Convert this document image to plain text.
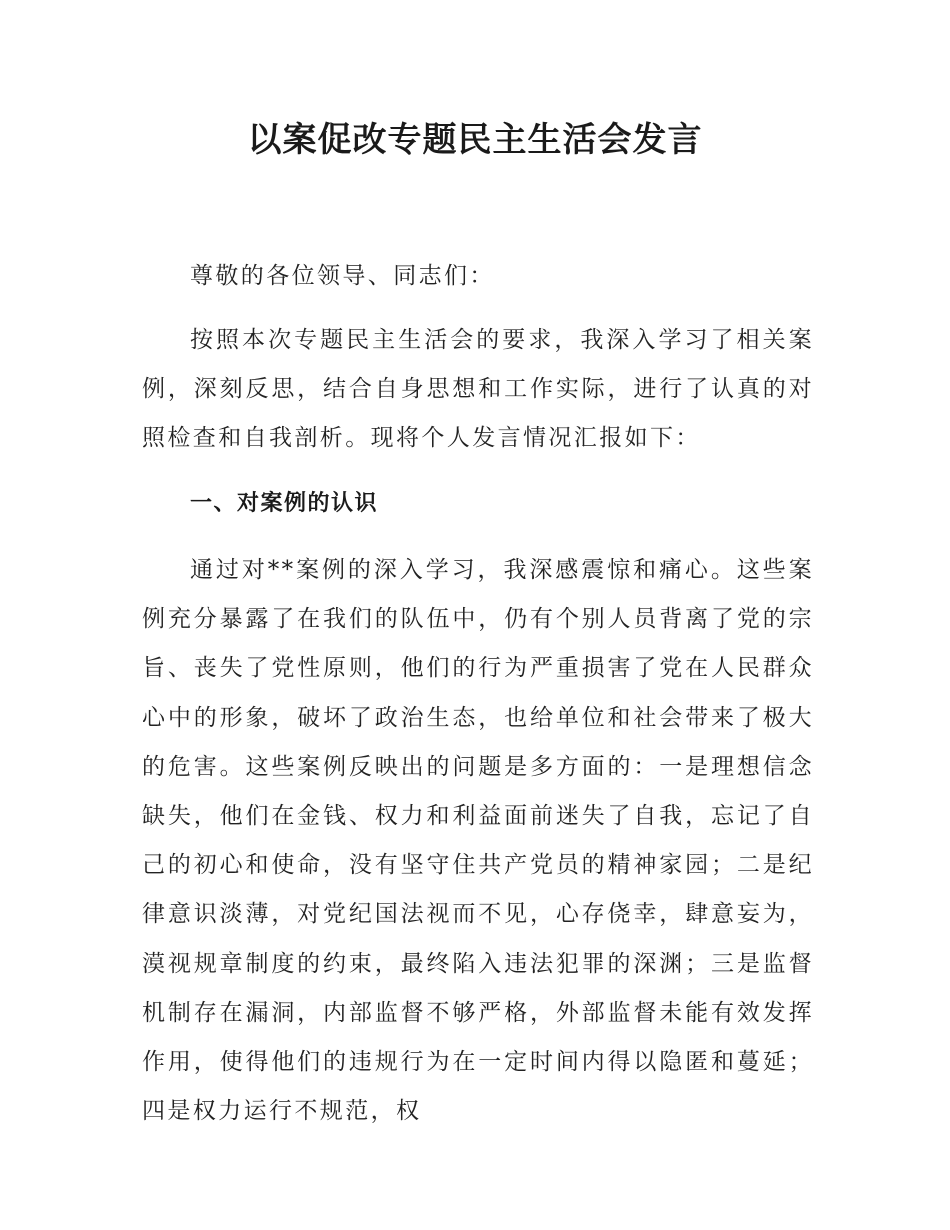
以案促改专题民主生活会发言

尊敬的各位领导、同志们：

按照本次专题民主生活会的要求，我深入学习了相关案例，深刻反思，结合自身思想和工作实际，进行了认真的对照检查和自我剖析。现将个人发言情况汇报如下：

一、对案例的认识

通过对**案例的深入学习，我深感震惊和痛心。这些案例充分暴露了在我们的队伍中，仍有个别人员背离了党的宗旨、丧失了党性原则，他们的行为严重损害了党在人民群众心中的形象，破坏了政治生态，也给单位和社会带来了极大的危害。这些案例反映出的问题是多方面的：一是理想信念缺失，他们在金钱、权力和利益面前迷失了自我，忘记了自己的初心和使命，没有坚守住共产党员的精神家园；二是纪律意识淡薄，对党纪国法视而不见，心存侥幸，肆意妄为，漠视规章制度的约束，最终陷入违法犯罪的深渊；三是监督机制存在漏洞，内部监督不够严格，外部监督未能有效发挥作用，使得他们的违规行为在一定时间内得以隐匿和蔓延；四是权力运行不规范，权
